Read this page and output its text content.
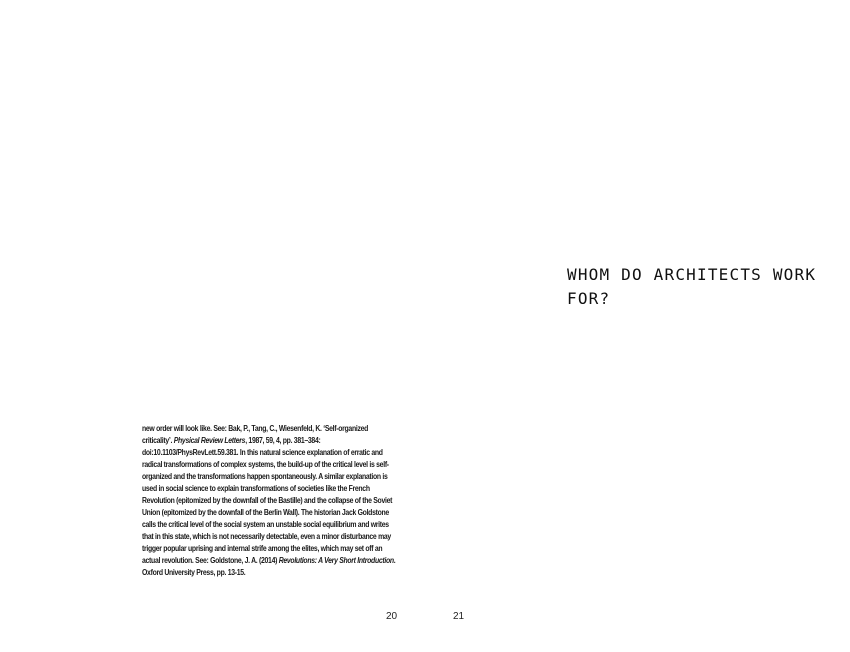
new order will look like. See: Bak, P., Tang, C., Wiesenfeld, K. ‘Self-organized criticality’. Physical Review Letters, 1987, 59, 4, pp. 381–384: doi:10.1103/PhysRevLett.59.381. In this natural science explanation of erratic and radical transformations of complex systems, the build-up of the critical level is self-organized and the transformations happen spontaneously. A similar explanation is used in social science to explain transformations of societies like the French Revolution (epitomized by the downfall of the Bastille) and the collapse of the Soviet Union (epitomized by the downfall of the Berlin Wall). The historian Jack Goldstone calls the critical level of the social system an unstable social equilibrium and writes that in this state, which is not necessarily detectable, even a minor disturbance may trigger popular uprising and internal strife among the elites, which may set off an actual revolution. See: Goldstone, J. A. (2014) Revolutions: A Very Short Introduction. Oxford University Press, pp. 13-15.

20
WHOM DO ARCHITECTS WORK FOR?
21
